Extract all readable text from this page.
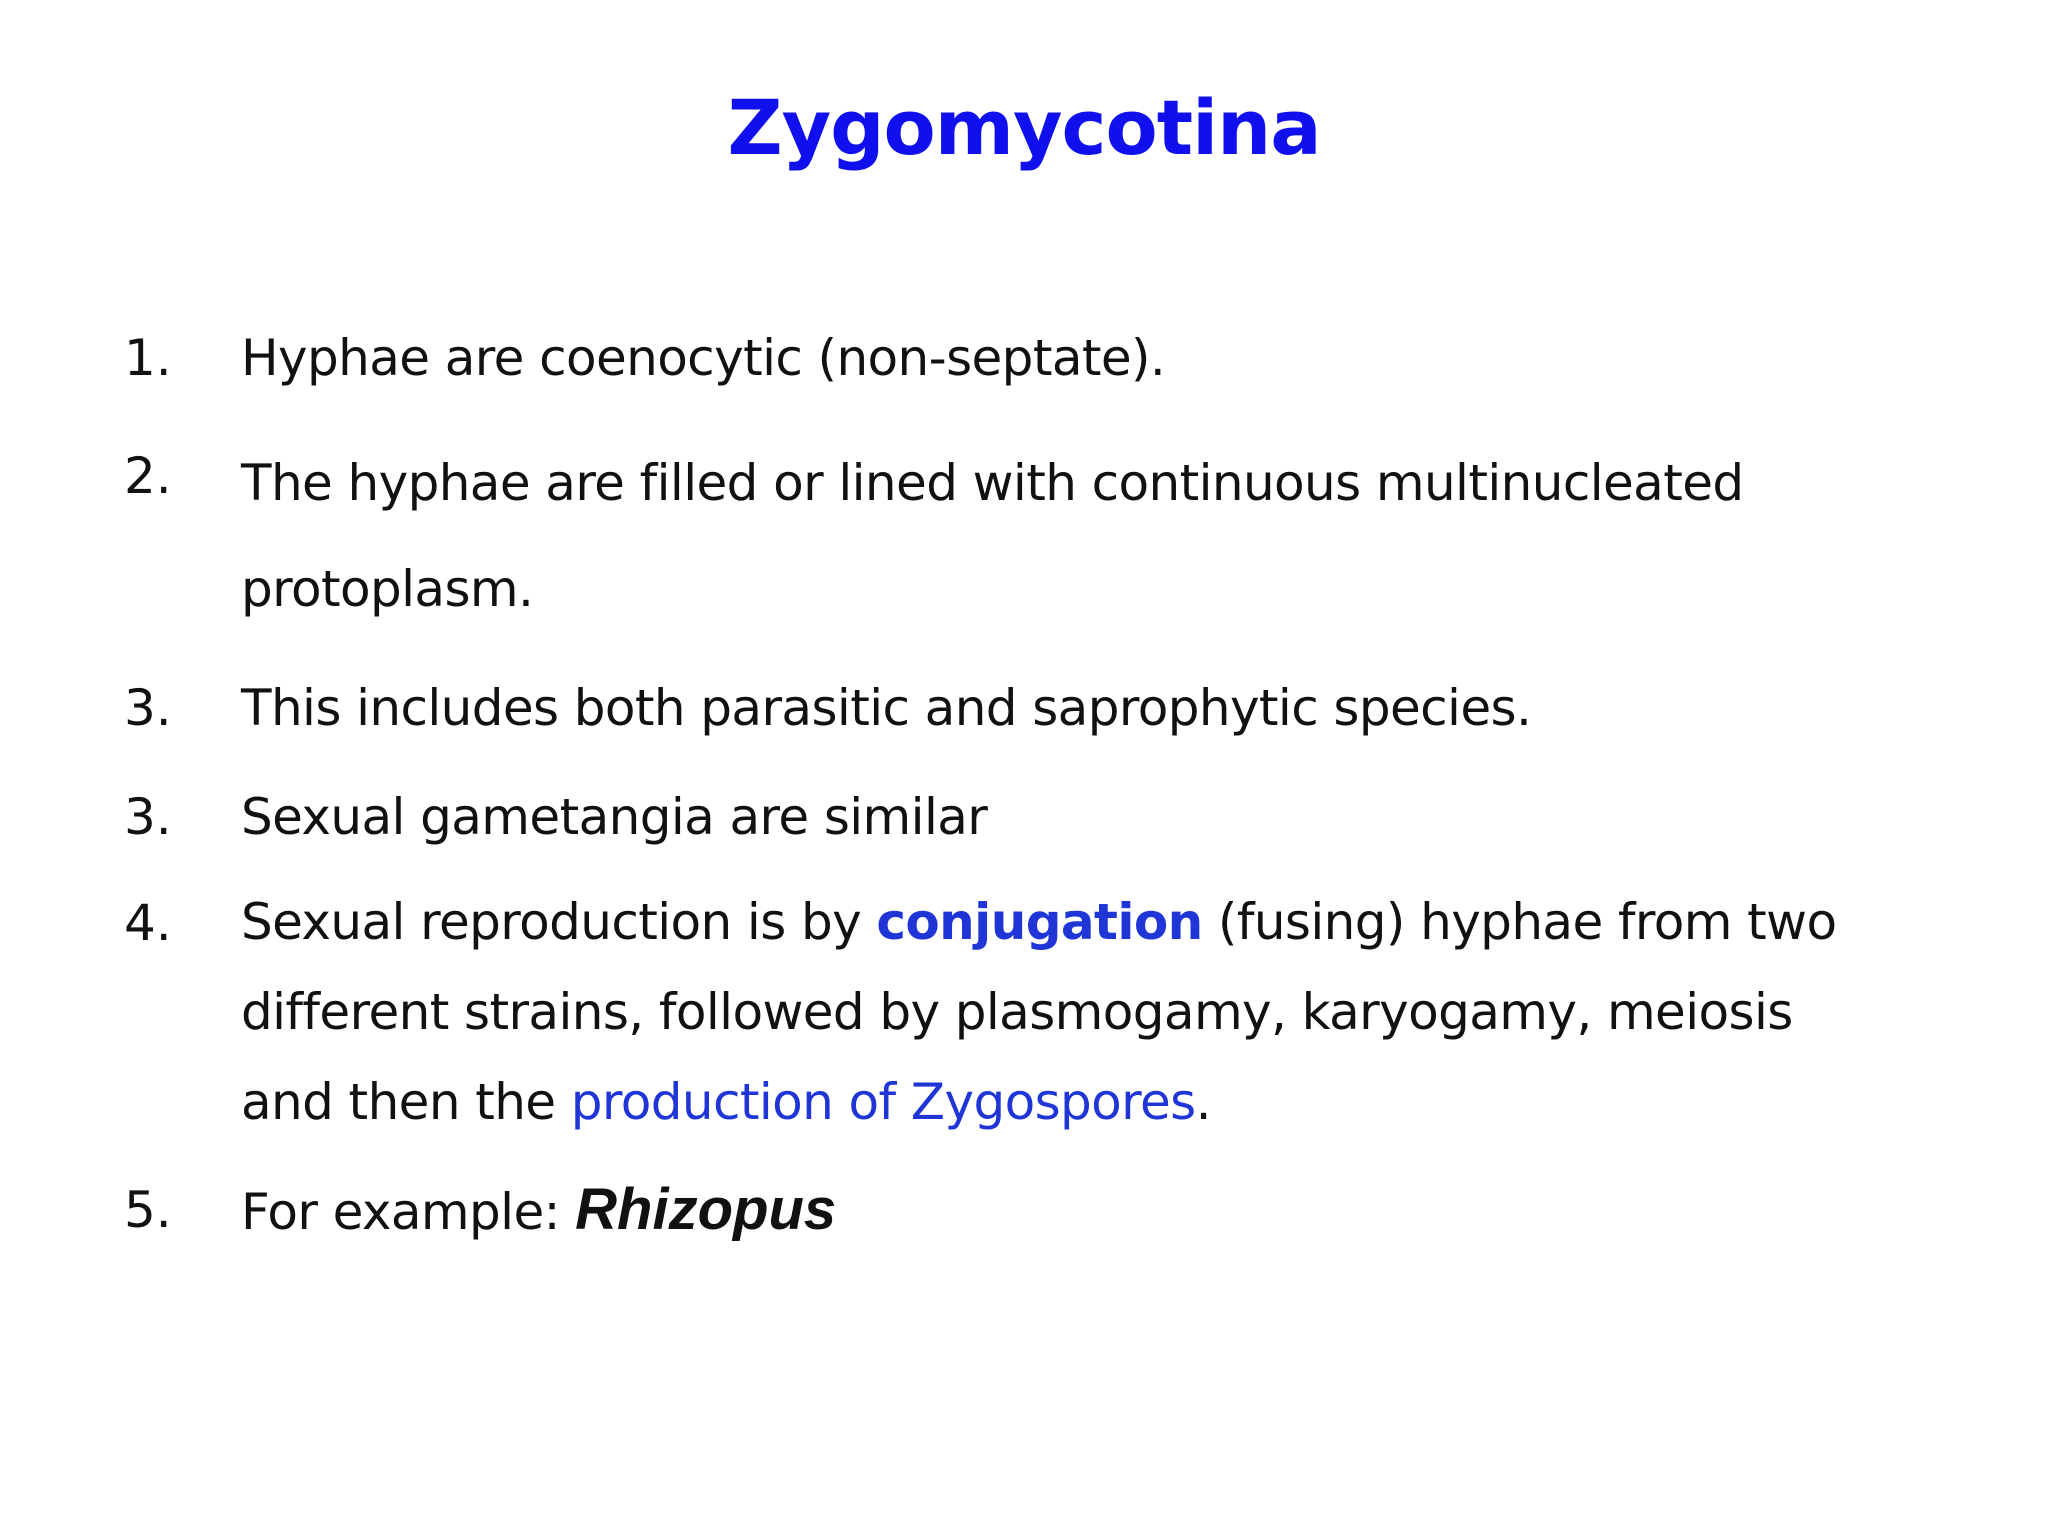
Zygomycotina
1.	Hyphae are coenocytic (non-septate).
2.	The hyphae are filled or lined with continuous multinucleated
protoplasm.
3.	This includes both parasitic and saprophytic species.
3.	Sexual gametangia are similar
4.	Sexual reproduction is by conjugation (fusing) hyphae from two
different strains, followed by plasmogamy, karyogamy, meiosis
and then the production of Zygospores.
5.	For example: Rhizopus
